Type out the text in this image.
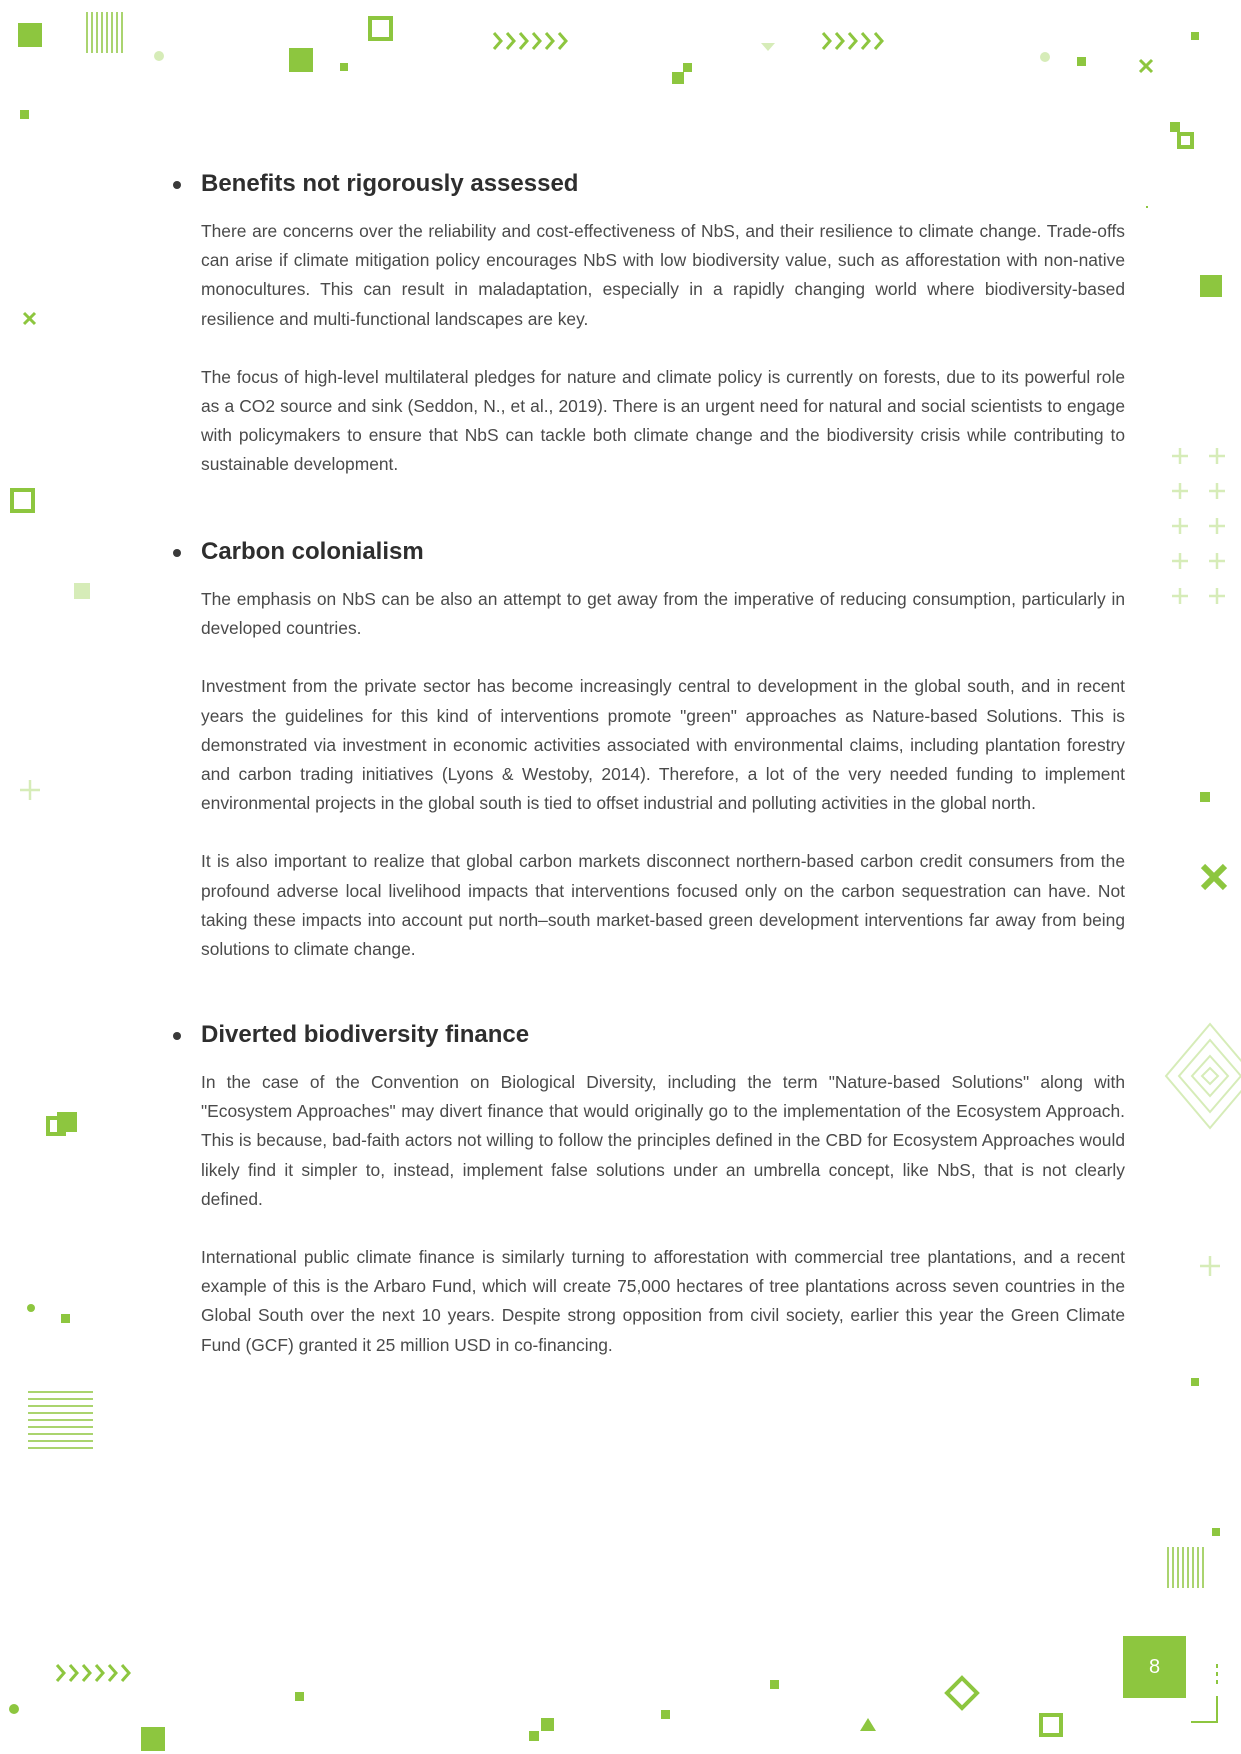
Benefits not rigorously assessed

There are concerns over the reliability and cost-effectiveness of NbS, and their resilience to climate change. Trade-offs can arise if climate mitigation policy encourages NbS with low biodiversity value, such as afforestation with non-native monocultures. This can result in maladaptation, especially in a rapidly changing world where biodiversity-based resilience and multi-functional landscapes are key.

The focus of high-level multilateral pledges for nature and climate policy is currently on forests, due to its powerful role as a CO2 source and sink (Seddon, N., et al., 2019). There is an urgent need for natural and social scientists to engage with policymakers to ensure that NbS can tackle both climate change and the biodiversity crisis while contributing to sustainable development.

Carbon colonialism

The emphasis on NbS can be also an attempt to get away from the imperative of reducing consumption, particularly in developed countries.

Investment from the private sector has become increasingly central to development in the global south, and in recent years the guidelines for this kind of interventions promote "green" approaches as Nature-based Solutions. This is demonstrated via investment in economic activities associated with environmental claims, including plantation forestry and carbon trading initiatives (Lyons & Westoby, 2014). Therefore, a lot of the very needed funding to implement environmental projects in the global south is tied to offset industrial and polluting activities in the global north.

It is also important to realize that global carbon markets disconnect northern-based carbon credit consumers from the profound adverse local livelihood impacts that interventions focused only on the carbon sequestration can have. Not taking these impacts into account put north–south market-based green development interventions far away from being solutions to climate change.

Diverted biodiversity finance

In the case of the Convention on Biological Diversity, including the term "Nature-based Solutions" along with "Ecosystem Approaches" may divert finance that would originally go to the implementation of the Ecosystem Approach. This is because, bad-faith actors not willing to follow the principles defined in the CBD for Ecosystem Approaches would likely find it simpler to, instead, implement false solutions under an umbrella concept, like NbS, that is not clearly defined.

International public climate finance is similarly turning to afforestation with commercial tree plantations, and a recent example of this is the Arbaro Fund, which will create 75,000 hectares of tree plantations across seven countries in the Global South over the next 10 years. Despite strong opposition from civil society, earlier this year the Green Climate Fund (GCF) granted it 25 million USD in co-financing.

8
